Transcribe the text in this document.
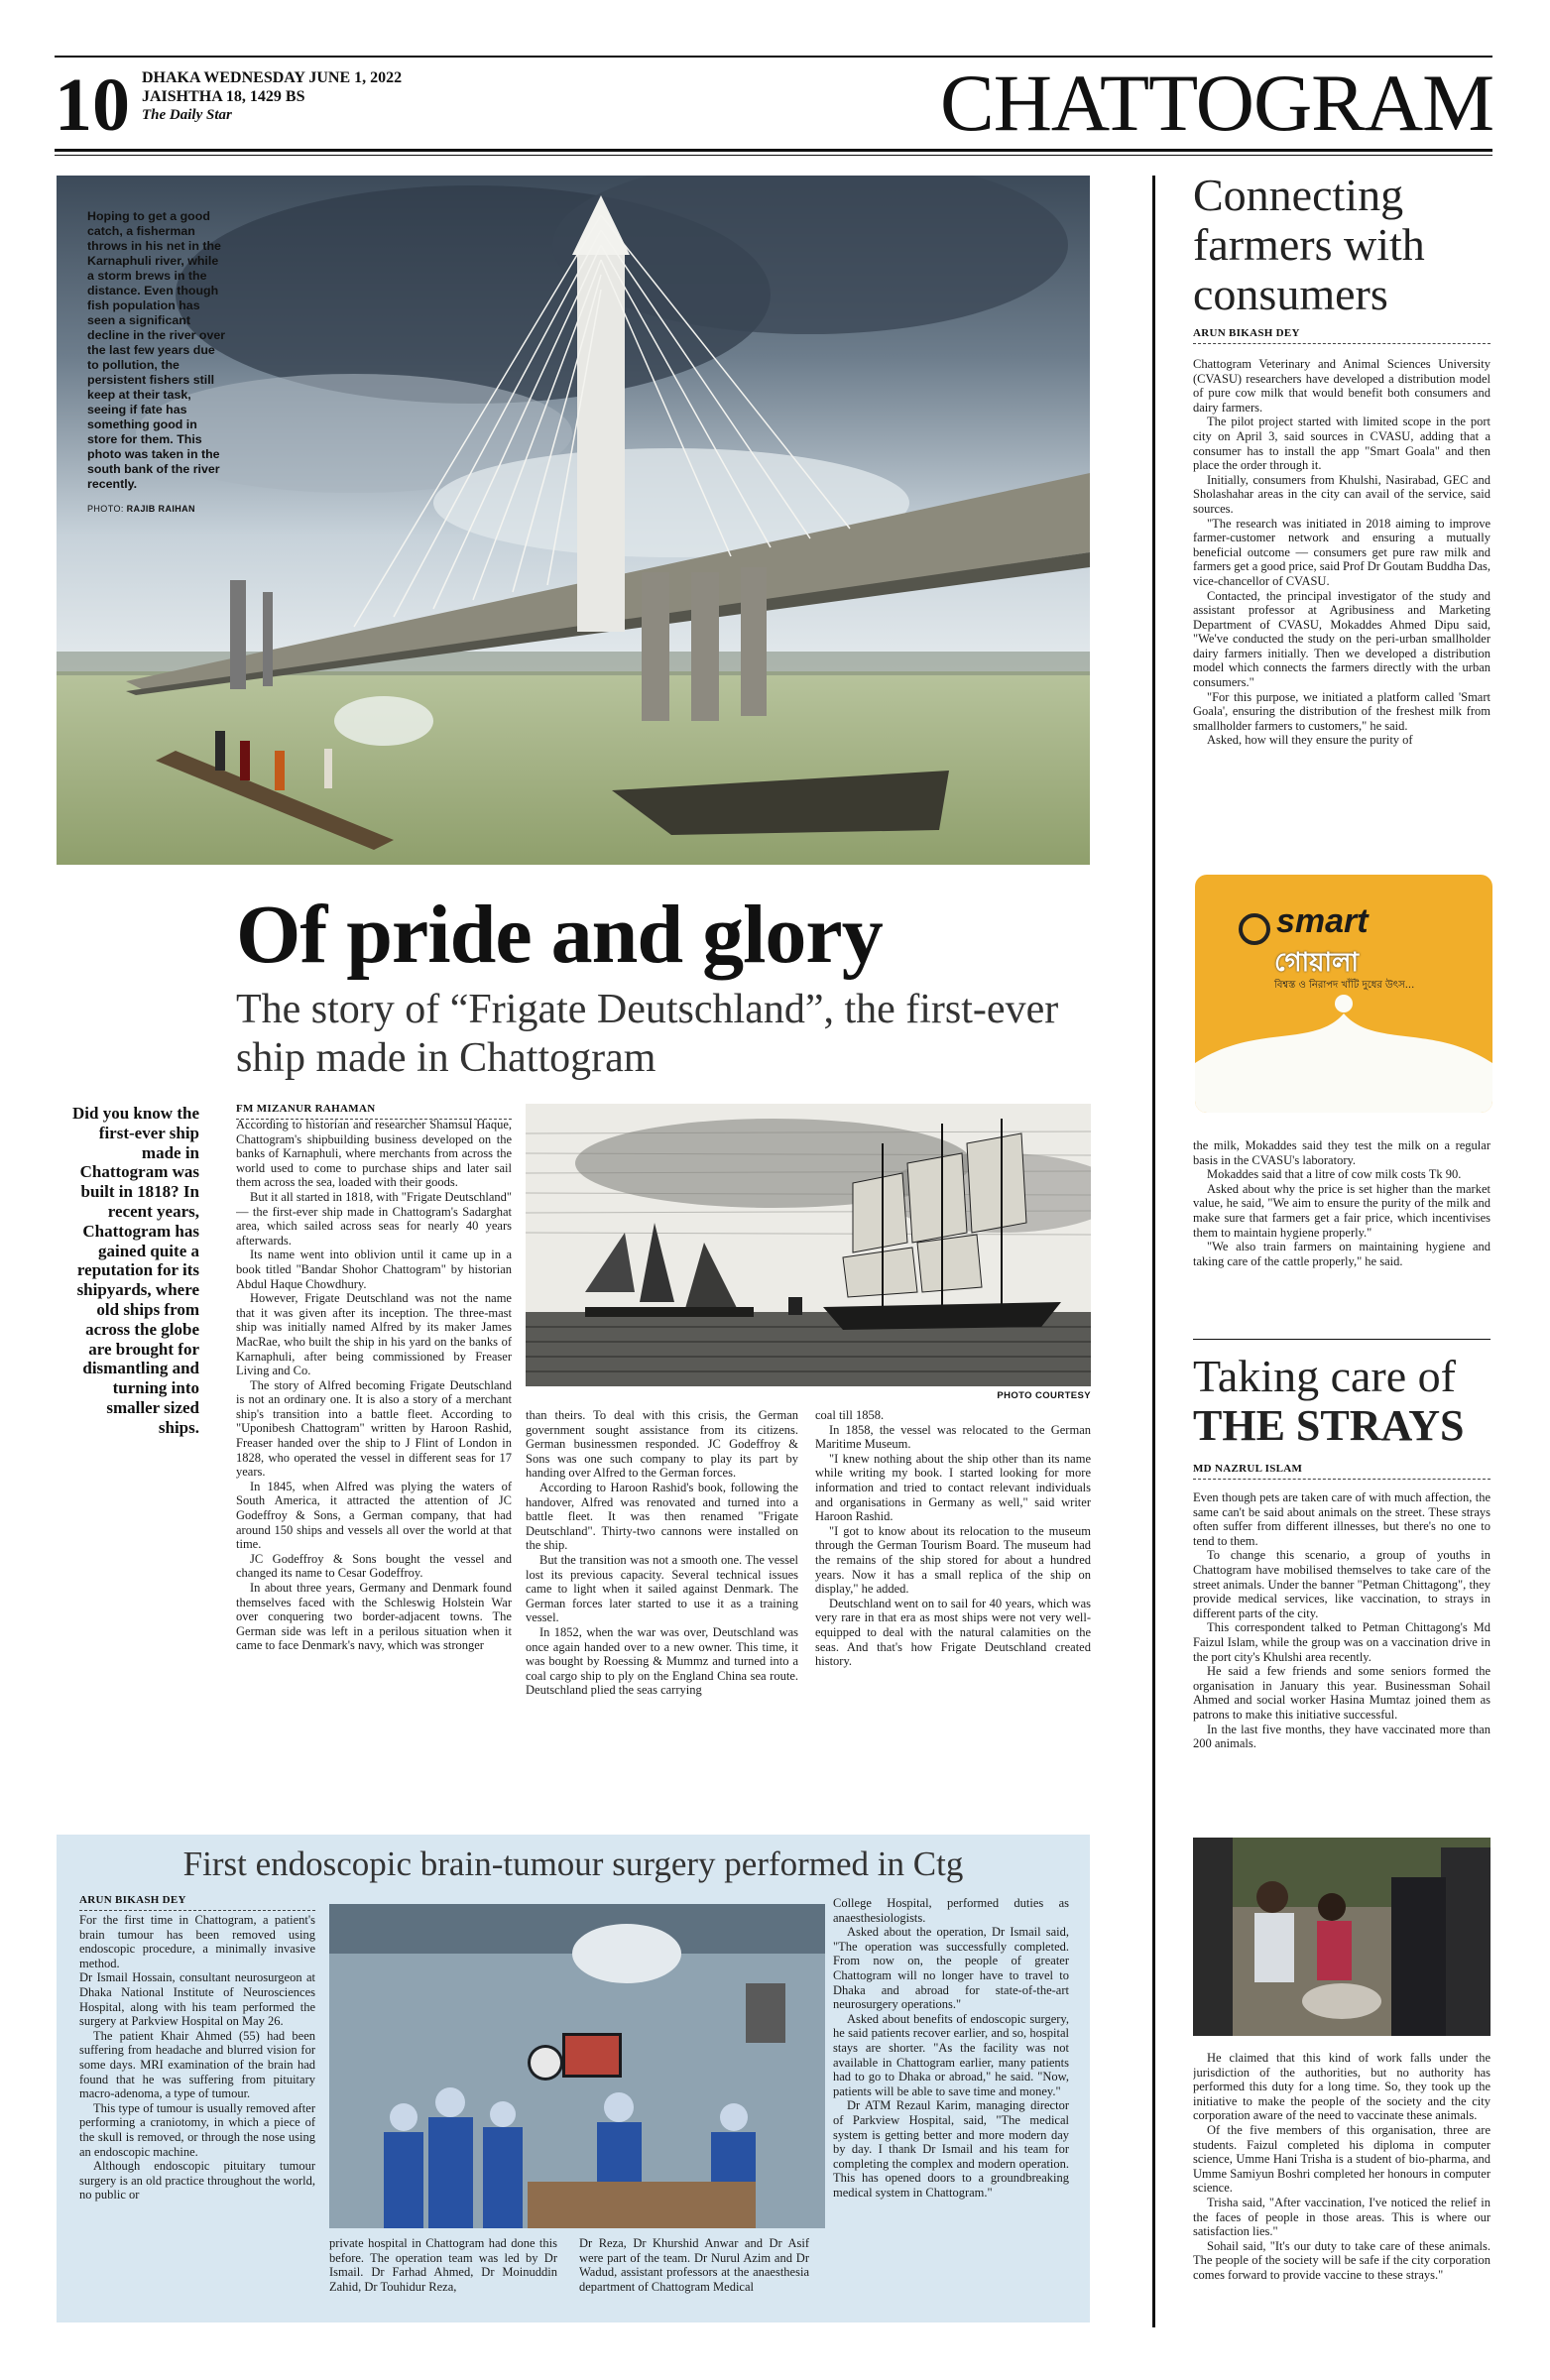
10 DHAKA WEDNESDAY JUNE 1, 2022
JAISHTHA 18, 1429 BS
The Daily Star	CHATTOGRAM
Hoping to get a good catch, a fisherman throws in his net in the Karnaphuli river, while a storm brews in the distance. Even though fish population has seen a significant decline in the river over the last few years due to pollution, the persistent fishers still keep at their task, seeing if fate has something good in store for them. This photo was taken in the south bank of the river recently.
PHOTO: RAJIB RAIHAN
Of pride and glory
The story of “Frigate Deutschland”, the first-ever ship made in Chattogram
Did you know the first-ever ship made in Chattogram was built in 1818? In recent years, Chattogram has gained quite a reputation for its shipyards, where old ships from across the globe are brought for dismantling and turning into smaller sized ships.
FM MIZANUR RAHAMAN
PHOTO COURTESY

According to historian and researcher Shamsul Haque, Chattogram's shipbuilding business developed on the banks of Karnaphuli, where merchants from across the world used to come to purchase ships and later sail them across the sea, loaded with their goods.

But it all started in 1818, with "Frigate Deutschland" — the first-ever ship made in Chattogram's Sadarghat area, which sailed across seas for nearly 40 years afterwards.

Its name went into oblivion until it came up in a book titled "Bandar Shohor Chattogram" by historian Abdul Haque Chowdhury.

However, Frigate Deutschland was not the name that it was given after its inception. The three-mast ship was initially named Alfred by its maker James MacRae, who built the ship in his yard on the banks of Karnaphuli, after being commissioned by Freaser Living and Co.

The story of Alfred becoming Frigate Deutschland is not an ordinary one. It is also a story of a merchant ship's transition into a battle fleet. According to "Uponibesh Chattogram" written by Haroon Rashid, Freaser handed over the ship to J Flint of London in 1828, who operated the vessel in different seas for 17 years.

In 1845, when Alfred was plying the waters of South America, it attracted the attention of JC Godeffroy & Sons, a German company, that had around 150 ships and vessels all over the world at that time.

JC Godeffroy & Sons bought the vessel and changed its name to Cesar Godeffroy.

In about three years, Germany and Denmark found themselves faced with the Schleswig Holstein War over conquering two border-adjacent towns. The German side was left in a perilous situation when it came to face Denmark's navy, which was stronger

than theirs. To deal with this crisis, the German government sought assistance from its citizens. German businessmen responded. JC Godeffroy & Sons was one such company to play its part by handing over Alfred to the German forces.

According to Haroon Rashid's book, following the handover, Alfred was renovated and turned into a battle fleet. It was then renamed "Frigate Deutschland". Thirty-two cannons were installed on the ship.

But the transition was not a smooth one. The vessel lost its previous capacity. Several technical issues came to light when it sailed against Denmark. The German forces later started to use it as a training vessel.

In 1852, when the war was over, Deutschland was once again handed over to a new owner. This time, it was bought by Roessing & Mummz and turned into a coal cargo ship to ply on the England China sea route. Deutschland plied the seas carrying

coal till 1858.

In 1858, the vessel was relocated to the German Maritime Museum.

"I knew nothing about the ship other than its name while writing my book. I started looking for more information and tried to contact relevant individuals and organisations in Germany as well," said writer Haroon Rashid.

"I got to know about its relocation to the museum through the German Tourism Board. The museum had the remains of the ship stored for about a hundred years. Now it has a small replica of the ship on display," he added.

Deutschland went on to sail for 40 years, which was very rare in that era as most ships were not very well-equipped to deal with the natural calamities on the seas. And that's how Frigate Deutschland created history.

Connecting farmers with consumers
ARUN BIKASH DEY

Chattogram Veterinary and Animal Sciences University (CVASU) researchers have developed a distribution model of pure cow milk that would benefit both consumers and dairy farmers.

The pilot project started with limited scope in the port city on April 3, said sources in CVASU, adding that a consumer has to install the app "Smart Goala" and then place the order through it.

Initially, consumers from Khulshi, Nasirabad, GEC and Sholashahar areas in the city can avail of the service, said sources.

"The research was initiated in 2018 aiming to improve farmer-customer network and ensuring a mutually beneficial outcome — consumers get pure raw milk and farmers get a good price, said Prof Dr Goutam Buddha Das, vice-chancellor of CVASU.

Contacted, the principal investigator of the study and assistant professor at Agribusiness and Marketing Department of CVASU, Mokaddes Ahmed Dipu said, "We've conducted the study on the peri-urban smallholder dairy farmers initially. Then we developed a distribution model which connects the farmers directly with the urban consumers."

"For this purpose, we initiated a platform called 'Smart Goala', ensuring the distribution of the freshest milk from smallholder farmers to customers," he said.

Asked, how will they ensure the purity of

smart
গোয়ালা
বিশ্বস্ত ও নিরাপদ খাঁটি দুধের উৎস...

the milk, Mokaddes said they test the milk on a regular basis in the CVASU's laboratory.

Mokaddes said that a litre of cow milk costs Tk 90.

Asked about why the price is set higher than the market value, he said, "We aim to ensure the purity of the milk and make sure that farmers get a fair price, which incentivises them to maintain hygiene properly."

"We also train farmers on maintaining hygiene and taking care of the cattle properly," he said.

Taking care of
THE STRAYS
MD NAZRUL ISLAM

Even though pets are taken care of with much affection, the same can't be said about animals on the street. These strays often suffer from different illnesses, but there's no one to tend to them.

To change this scenario, a group of youths in Chattogram have mobilised themselves to take care of the street animals. Under the banner "Petman Chittagong", they provide medical services, like vaccination, to strays in different parts of the city.

This correspondent talked to Petman Chittagong's Md Faizul Islam, while the group was on a vaccination drive in the port city's Khulshi area recently.

He said a few friends and some seniors formed the organisation in January this year. Businessman Sohail Ahmed and social worker Hasina Mumtaz joined them as patrons to make this initiative successful.

In the last five months, they have vaccinated more than 200 animals.

He claimed that this kind of work falls under the jurisdiction of the authorities, but no authority has performed this duty for a long time. So, they took up the initiative to make the people of the society and the city corporation aware of the need to vaccinate these animals.

Of the five members of this organisation, three are students. Faizul completed his diploma in computer science, Umme Hani Trisha is a student of bio-pharma, and Umme Samiyun Boshri completed her honours in computer science.

Trisha said, "After vaccination, I've noticed the relief in the faces of people in those areas. This is where our satisfaction lies."

Sohail said, "It's our duty to take care of these animals. The people of the society will be safe if the city corporation comes forward to provide vaccine to these strays."

First endoscopic brain-tumour surgery performed in Ctg
ARUN BIKASH DEY

For the first time in Chattogram, a patient's brain tumour has been removed using endoscopic procedure, a minimally invasive method.

Dr Ismail Hossain, consultant neurosurgeon at Dhaka National Institute of Neurosciences Hospital, along with his team performed the surgery at Parkview Hospital on May 26.

The patient Khair Ahmed (55) had been suffering from headache and blurred vision for some days. MRI examination of the brain had found that he was suffering from pituitary macro-adenoma, a type of tumour.

This type of tumour is usually removed after performing a craniotomy, in which a piece of the skull is removed, or through the nose using an endoscopic machine.

Although endoscopic pituitary tumour surgery is an old practice throughout the world, no public or

private hospital in Chattogram had done this before. The operation team was led by Dr Ismail. Dr Farhad Ahmed, Dr Moinuddin Zahid, Dr Touhidur Reza,
Dr Reza, Dr Khurshid Anwar and Dr Asif were part of the team. Dr Nurul Azim and Dr Wadud, assistant professors at the anaesthesia department of Chattogram Medical

College Hospital, performed duties as anaesthesiologists.

Asked about the operation, Dr Ismail said, "The operation was successfully completed. From now on, the people of greater Chattogram will no longer have to travel to Dhaka and abroad for state-of-the-art neurosurgery operations."

Asked about benefits of endoscopic surgery, he said patients recover earlier, and so, hospital stays are shorter. "As the facility was not available in Chattogram earlier, many patients had to go to Dhaka or abroad," he said. "Now, patients will be able to save time and money."

Dr ATM Rezaul Karim, managing director of Parkview Hospital, said, "The medical system is getting better and more modern day by day. I thank Dr Ismail and his team for completing the complex and modern operation. This has opened doors to a groundbreaking medical system in Chattogram."
